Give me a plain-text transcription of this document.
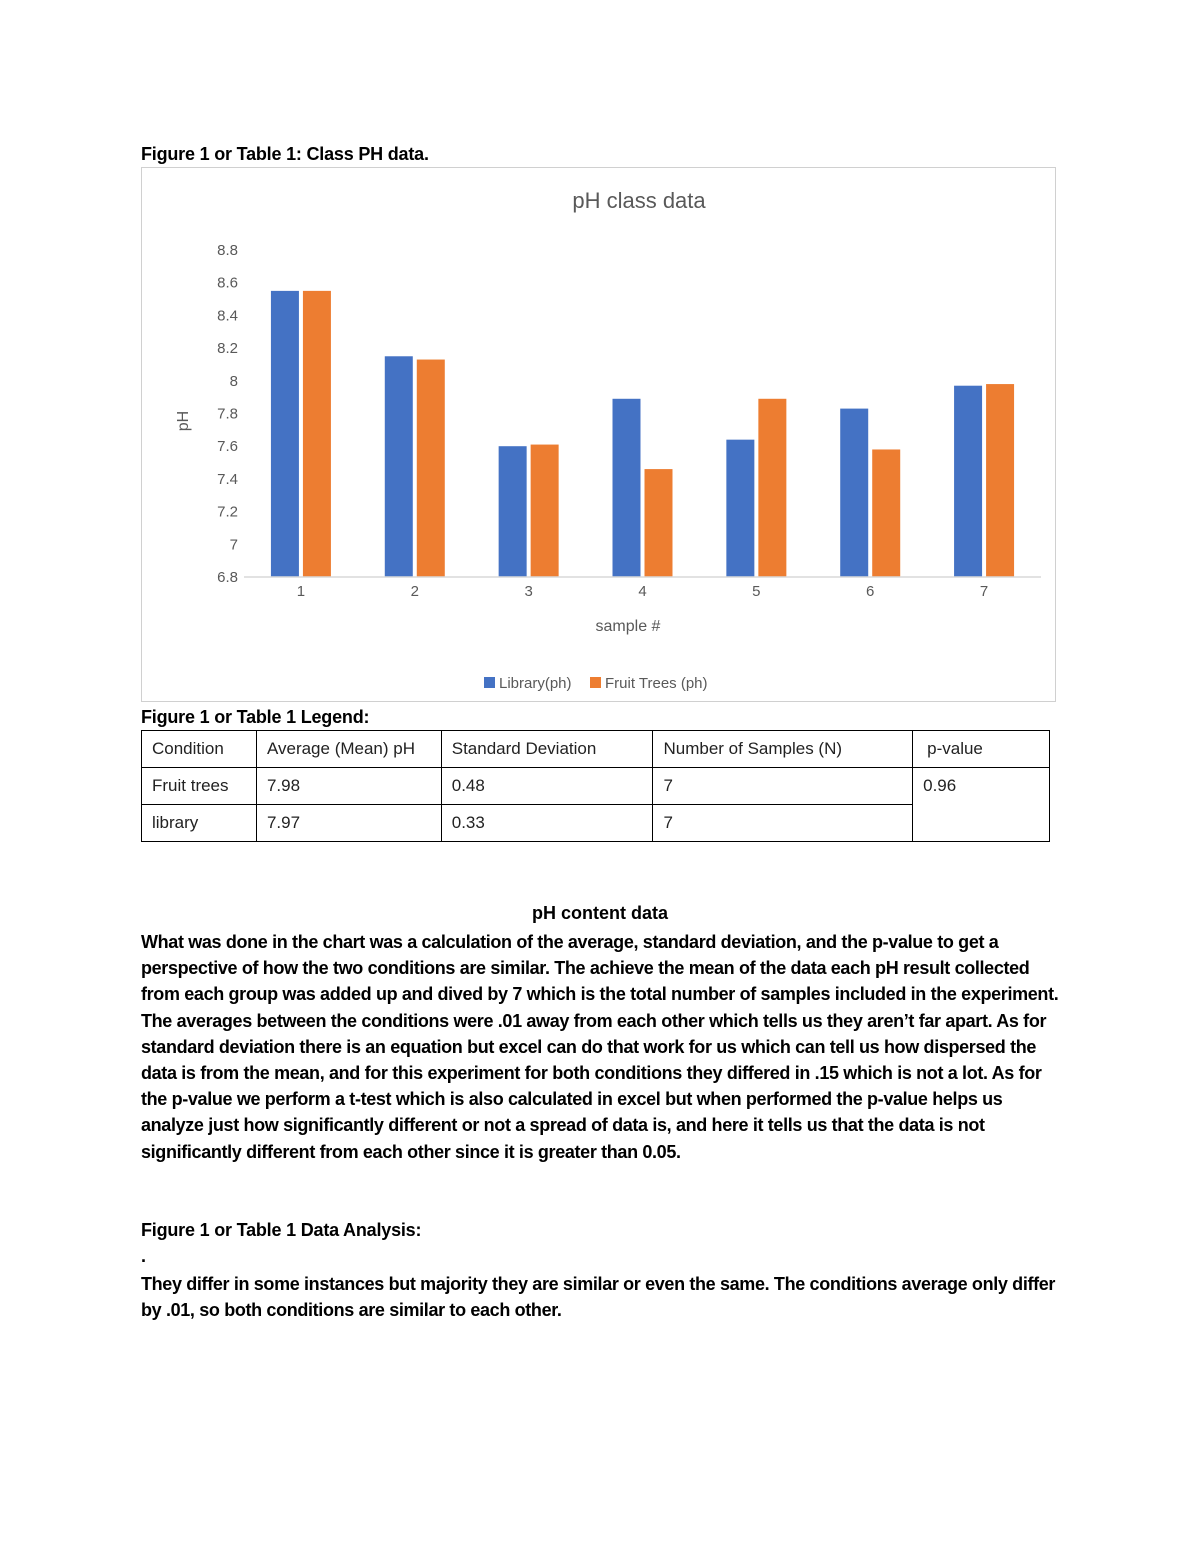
Figure 1 or Table 1: Class PH data.
pH class data
pH
sample #
8.8
8.6
8.4
8.2
8
7.8
7.6
7.4
7.2
7
6.8
1	2	3	4	5	6	7
Library(ph) Fruit Trees (ph)
Figure 1 or Table 1 Legend:
Condition	Average (Mean) pH	Standard Deviation	Number of Samples (N)	p-value
Fruit trees	7.98	0.48	7	0.96
library	7.97	0.33	7	
pH content data
What was done in the chart was a calculation of the average, standard deviation, and the p-value to get a perspective of how the two conditions are similar. The achieve the mean of the data each pH result collected from each group was added up and dived by 7 which is the total number of samples included in the experiment. The averages between the conditions were .01 away from each other which tells us they aren’t far apart. As for standard deviation there is an equation but excel can do that work for us which can tell us how dispersed the data is from the mean, and for this experiment for both conditions they differed in .15 which is not a lot. As for the p-value we perform a t-test which is also calculated in excel but when performed the p-value helps us analyze just how significantly different or not a spread of data is, and here it tells us that the data is not significantly different from each other since it is greater than 0.05.
Figure 1 or Table 1 Data Analysis:
.
They differ in some instances but majority they are similar or even the same. The conditions average only differ by .01, so both conditions are similar to each other.
